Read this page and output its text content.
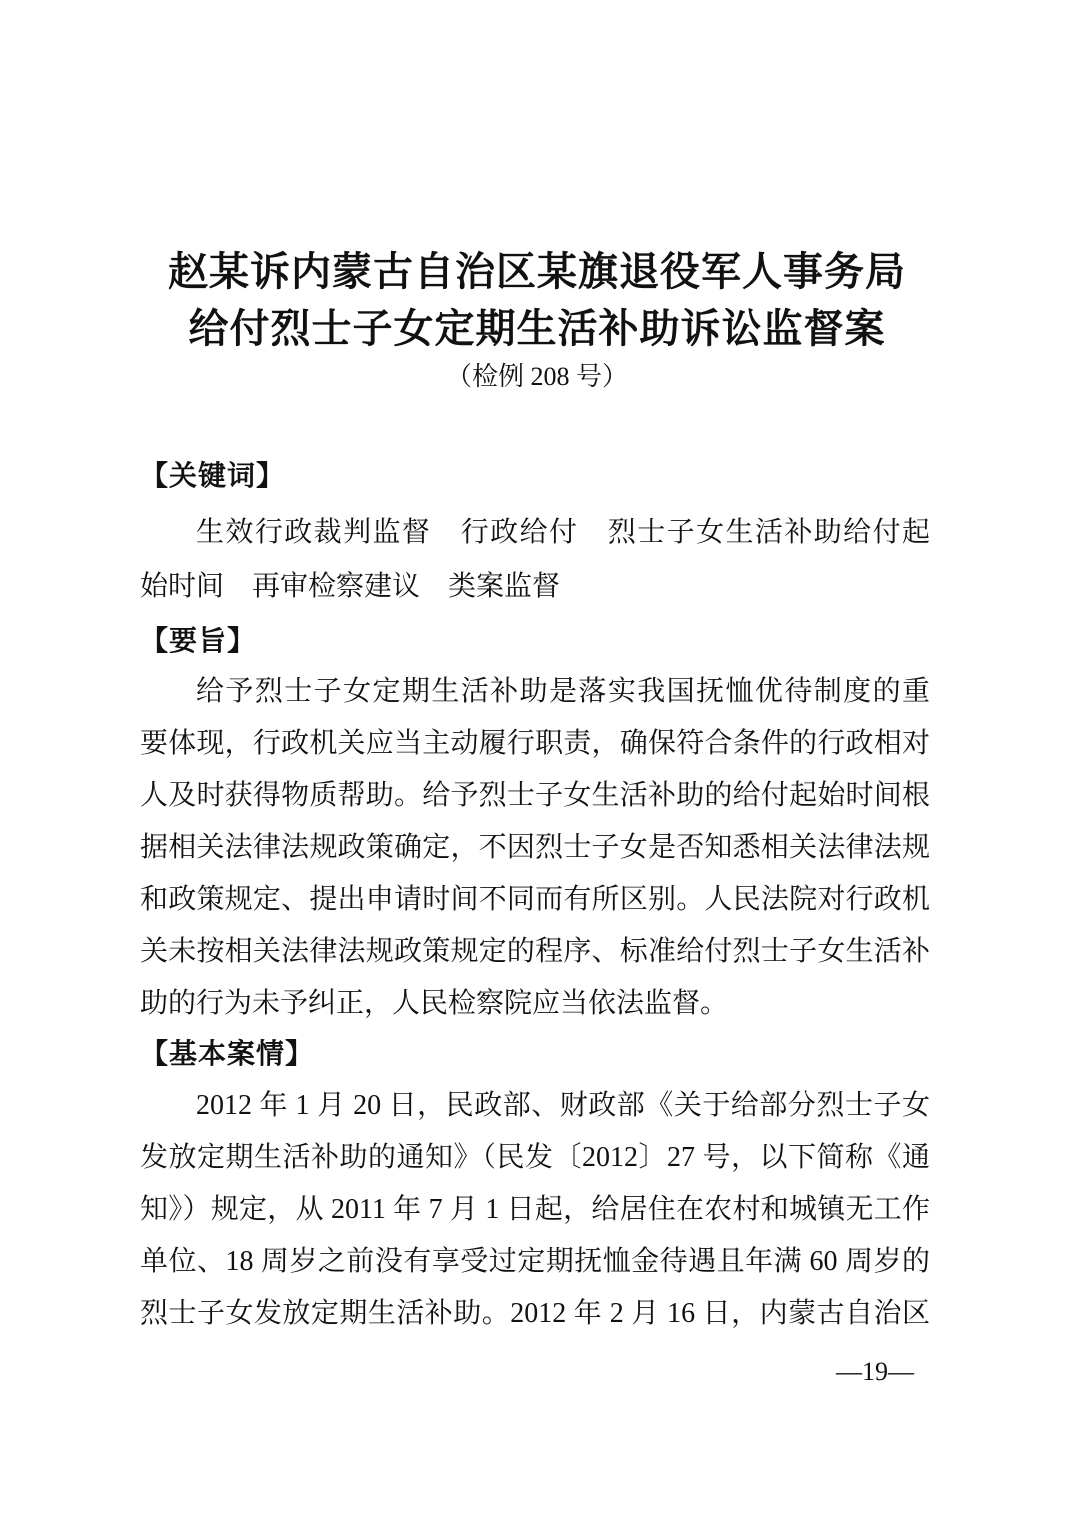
赵某诉内蒙古自治区某旗退役军人事务局
给付烈士子女定期生活补助诉讼监督案
（检例 208 号）
【关键词】
生效行政裁判监督　行政给付　烈士子女生活补助给付起
始时间　再审检察建议　类案监督
【要旨】
给予烈士子女定期生活补助是落实我国抚恤优待制度的重
要体现，行政机关应当主动履行职责，确保符合条件的行政相对
人及时获得物质帮助。给予烈士子女生活补助的给付起始时间根
据相关法律法规政策确定，不因烈士子女是否知悉相关法律法规
和政策规定、提出申请时间不同而有所区别。人民法院对行政机
关未按相关法律法规政策规定的程序、标准给付烈士子女生活补
助的行为未予纠正，人民检察院应当依法监督。
【基本案情】
2012 年 1 月 20 日，民政部、财政部《关于给部分烈士子女
发放定期生活补助的通知》（民发〔2012〕27 号，以下简称《通
知》）规定，从 2011 年 7 月 1 日起，给居住在农村和城镇无工作
单位、18 周岁之前没有享受过定期抚恤金待遇且年满 60 周岁的
烈士子女发放定期生活补助。2012 年 2 月 16 日，内蒙古自治区
—19—
